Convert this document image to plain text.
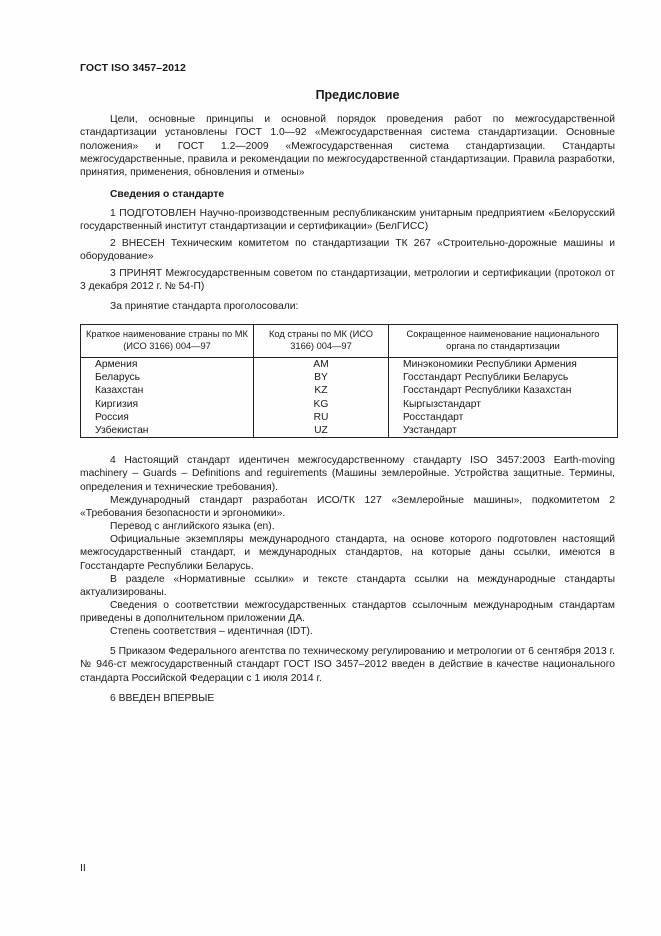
ГОСТ ISO 3457–2012
Предисловие
Цели, основные принципы и основной порядок проведения работ по межгосударственной стандартизации установлены ГОСТ 1.0—92 «Межгосударственная система стандартизации. Основные положения» и ГОСТ 1.2—2009 «Межгосударственная система стандартизации. Стандарты межгосударственные, правила и рекомендации по межгосударственной стандартизации. Правила разработки, принятия, применения, обновления и отмены»
Сведения о стандарте
1 ПОДГОТОВЛЕН Научно-производственным республиканским унитарным предприятием «Белорусский государственный институт стандартизации и сертификации» (БелГИСС)
2 ВНЕСЕН Техническим комитетом по стандартизации ТК 267 «Строительно-дорожные машины и оборудование»
3 ПРИНЯТ Межгосударственным советом по стандартизации, метрологии и сертификации (протокол от 3 декабря 2012 г. № 54-П)
За принятие стандарта проголосовали:
Краткое наименование страны по МК (ИСО 3166) 004—97	Код страны по МК (ИСО 3166) 004—97	Сокращенное наименование национального органа по стандартизации
Армения	AM	Минэкономики Республики Армения
Беларусь	BY	Госстандарт Республики Беларусь
Казахстан	KZ	Госстандарт Республики Казахстан
Киргизия	KG	Кыргызстандарт
Россия	RU	Росстандарт
Узбекистан	UZ	Узстандарт
4 Настоящий стандарт идентичен межгосударственному стандарту ISO 3457:2003 Earth-moving machinery – Guards – Definitions and reguirements (Машины землеройные. Устройства защитные. Термины, определения и технические требования).
Международный стандарт разработан ИСО/ТК 127 «Землеройные машины», подкомитетом 2 «Требования безопасности и эргономики».
Перевод с английского языка (en).
Официальные экземпляры международного стандарта, на основе которого подготовлен настоящий межгосударственный стандарт, и международных стандартов, на которые даны ссылки, имеются в Госстандарте Республики Беларусь.
В разделе «Нормативные ссылки» и тексте стандарта ссылки на международные стандарты актуализированы.
Сведения о соответствии межгосударственных стандартов ссылочным международным стандартам приведены в дополнительном приложении ДА.
Степень соответствия – идентичная (IDT).
5 Приказом Федерального агентства по техническому регулированию и метрологии от 6 сентября 2013 г. № 946-ст межгосударственный стандарт ГОСТ ISO 3457–2012 введен в действие в качестве национального стандарта Российской Федерации с 1 июля 2014 г.
6 ВВЕДЕН ВПЕРВЫЕ
II
